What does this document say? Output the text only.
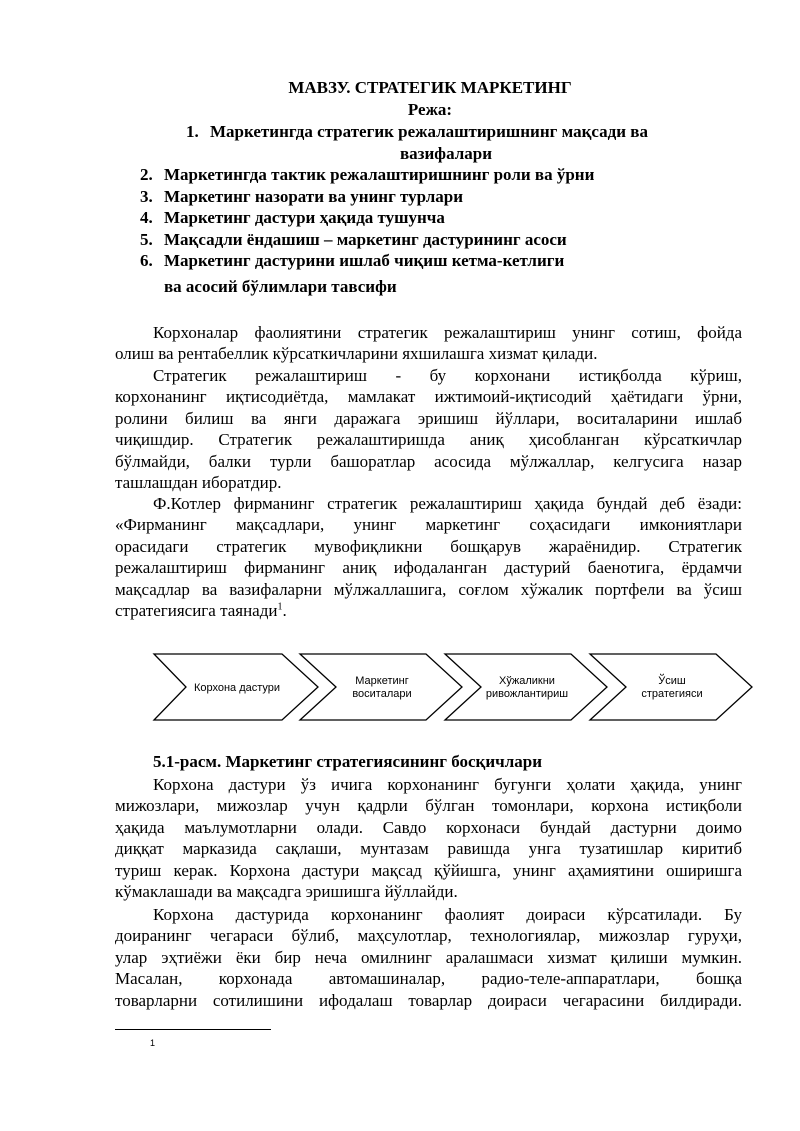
МАВЗУ. СТРАТЕГИК МАРКЕТИНГ
Режа:
1. Маркетингда стратегик режалаштиришнинг мақсади ва
вазифалари
2. Маркетингда тактик режалаштиришнинг роли ва ўрни
3. Маркетинг назорати ва унинг турлари
4. Маркетинг дастури ҳақида тушунча
5. Мақсадли ёндашиш – маркетинг дастурининг асоси
6. Маркетинг дастурини ишлаб чиқиш кетма-кетлиги
ва асосий бўлимлари тавсифи
Корхоналар фаолиятини стратегик режалаштириш унинг сотиш, фойда
олиш ва рентабеллик кўрсаткичларини яхшилашга хизмат қилади.
Стратегик режалаштириш - бу корхонани истиқболда кўриш,
корхонанинг иқтисодиётда, мамлакат ижтимоий-иқтисодий ҳаётидаги ўрни,
ролини билиш ва янги даражага эришиш йўллари, воситаларини ишлаб
чиқишдир. Стратегик режалаштиришда аниқ ҳисобланган кўрсаткичлар
бўлмайди, балки турли башоратлар асосида мўлжаллар, келгусига назар
ташлашдан иборатдир.
Ф.Котлер фирманинг стратегик режалаштириш ҳақида бундай деб ёзади:
«Фирманинг мақсадлари, унинг маркетинг соҳасидаги имкониятлари
орасидаги стратегик мувофиқликни бошқарув жараёнидир. Стратегик
режалаштириш фирманинг аниқ ифодаланган дастурий баенотига, ёрдамчи
мақсадлар ва вазифаларни мўлжаллашига, соғлом хўжалик портфели ва ўсиш
стратегиясига таянади$^1$.
Корхона дастури
Маркетинг
воситалари
Хўжаликни
ривожлантириш
Ўсиш
стратегияси
5.1-расм. Маркетинг стратегиясининг босқичлари
Корхона дастури ўз ичига корхонанинг бугунги ҳолати ҳақида, унинг
мижозлари, мижозлар учун қадрли бўлган томонлари, корхона истиқболи
ҳақида маълумотларни олади. Савдо корхонаси бундай дастурни доимо
диққат марказида сақлаши, мунтазам равишда унга тузатишлар киритиб
туриш керак. Корхона дастури мақсад қўйишга, унинг аҳамиятини оширишга
кўмаклашади ва мақсадга эришишга йўллайди.
Корхона дастурида корхонанинг фаолият доираси кўрсатилади. Бу
доиранинг чегараси бўлиб, маҳсулотлар, технологиялар, мижозлар гуруҳи,
улар эҳтиёжи ёки бир неча омилнинг аралашмаси хизмат қилиши мумкин.
Масалан, корхонада автомашиналар, радио-теле-аппаратлари, бошқа
товарларни сотилишини ифодалаш товарлар доираси чегарасини билдиради.
1
